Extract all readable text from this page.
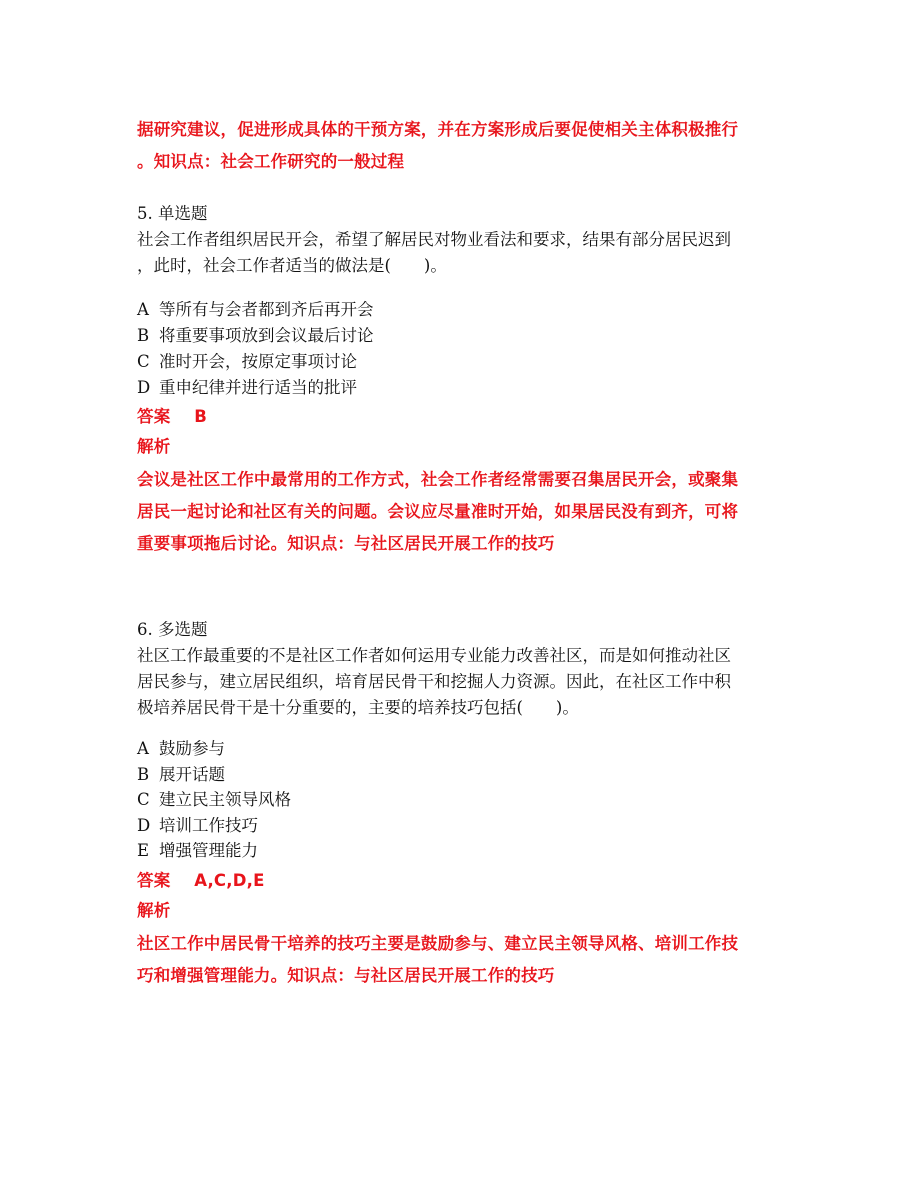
据研究建议，促进形成具体的干预方案，并在方案形成后要促使相关主体积极推行
。知识点：社会工作研究的一般过程
5. 单选题
社会工作者组织居民开会，希望了解居民对物业看法和要求，结果有部分居民迟到
，此时，社会工作者适当的做法是(　　)。
A 等所有与会者都到齐后再开会
B 将重要事项放到会议最后讨论
C 准时开会，按原定事项讨论
D 重申纪律并进行适当的批评
答案 B
解析
会议是社区工作中最常用的工作方式，社会工作者经常需要召集居民开会，或聚集
居民一起讨论和社区有关的问题。会议应尽量准时开始，如果居民没有到齐，可将
重要事项拖后讨论。知识点：与社区居民开展工作的技巧
6. 多选题
社区工作最重要的不是社区工作者如何运用专业能力改善社区，而是如何推动社区
居民参与，建立居民组织，培育居民骨干和挖掘人力资源。因此，在社区工作中积
极培养居民骨干是十分重要的，主要的培养技巧包括(　　)。
A 鼓励参与
B 展开话题
C 建立民主领导风格
D 培训工作技巧
E 增强管理能力
答案 A,C,D,E
解析
社区工作中居民骨干培养的技巧主要是鼓励参与、建立民主领导风格、培训工作技
巧和增强管理能力。知识点：与社区居民开展工作的技巧
